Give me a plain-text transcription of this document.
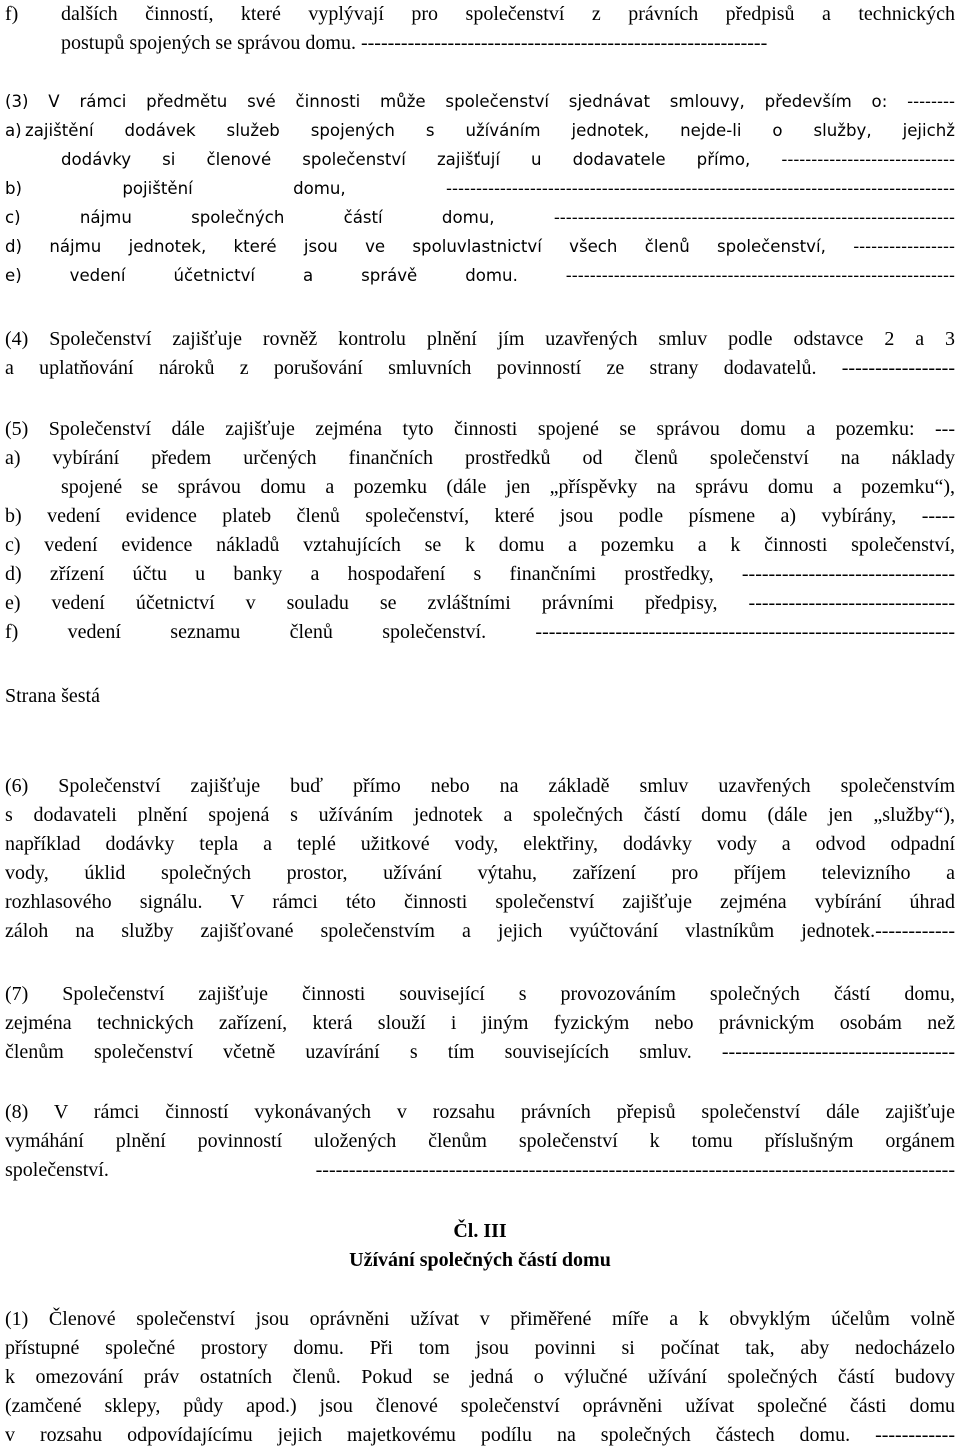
f)	dalších činností, které vyplývají pro společenství z právních předpisů a technických
postupů spojených se správou domu. -------------------------------------------------------------
(3) V rámci předmětu své činnosti může společenství sjednávat smlouvy, především o: --------
a) zajištění dodávek služeb spojených s užíváním jednotek, nejde-li o služby, jejichž
dodávky si členové společenství zajišťují u dodavatele přímo, -----------------------------
b) pojištění domu, -------------------------------------------------------------------------------------
c) nájmu společných částí domu, -------------------------------------------------------------------
d) nájmu jednotek, které jsou ve spoluvlastnictví všech členů společenství, -----------------
e) vedení účetnictví a správě domu. -----------------------------------------------------------------
(4) Společenství zajišťuje rovněž kontrolu plnění jím uzavřených smluv podle odstavce 2 a 3
a uplatňování nároků z porušování smluvních povinností ze strany dodavatelů. -----------------
(5) Společenství dále zajišťuje zejména tyto činnosti spojené se správou domu a pozemku: ---
a) vybírání předem určených finančních prostředků od členů společenství na náklady
spojené se správou domu a pozemku (dále jen „příspěvky na správu domu a pozemku“),
b) vedení evidence plateb členů společenství, které jsou podle písmene a) vybírány, -----
c) vedení evidence nákladů vztahujících se k domu a pozemku a k činnosti společenství,
d) zřízení účtu u banky a hospodaření s finančními prostředky, --------------------------------
e) vedení účetnictví v souladu se zvláštními právními předpisy, -------------------------------
f) vedení seznamu členů společenství. ---------------------------------------------------------------
Strana šestá
(6) Společenství zajišťuje buď přímo nebo na základě smluv uzavřených společenstvím
s dodavateli plnění spojená s užíváním jednotek a společných částí domu (dále jen „služby“),
například dodávky tepla a teplé užitkové vody, elektřiny, dodávky vody a odvod odpadní
vody, úklid společných prostor, užívání výtahu, zařízení pro příjem televizního a
rozhlasového signálu. V rámci této činnosti společenství zajišťuje zejména vybírání úhrad
záloh na služby zajišťované společenstvím a jejich vyúčtování vlastníkům jednotek.------------
(7) Společenství zajišťuje činnosti související s provozováním společných částí domu,
zejména technických zařízení, která slouží i jiným fyzickým nebo právnickým osobám než
členům společenství včetně uzavírání s tím souvisejících smluv. -----------------------------------
(8) V rámci činností vykonávaných v rozsahu právních přepisů společenství dále zajišťuje
vymáhání plnění povinností uložených členům společenství k tomu příslušným orgánem
společenství. ------------------------------------------------------------------------------------------------
Čl. III
Užívání společných částí domu
(1) Členové společenství jsou oprávněni užívat v přiměřené míře a k obvyklým účelům volně
přístupné společné prostory domu. Při tom jsou povinni si počínat tak, aby nedocházelo
k omezování práv ostatních členů. Pokud se jedná o výlučné užívání společných částí budovy
(zamčené sklepy, půdy apod.) jsou členové společenství oprávněni užívat společné části domu
v rozsahu odpovídajícímu jejich majetkovému podílu na společných částech domu. ------------
